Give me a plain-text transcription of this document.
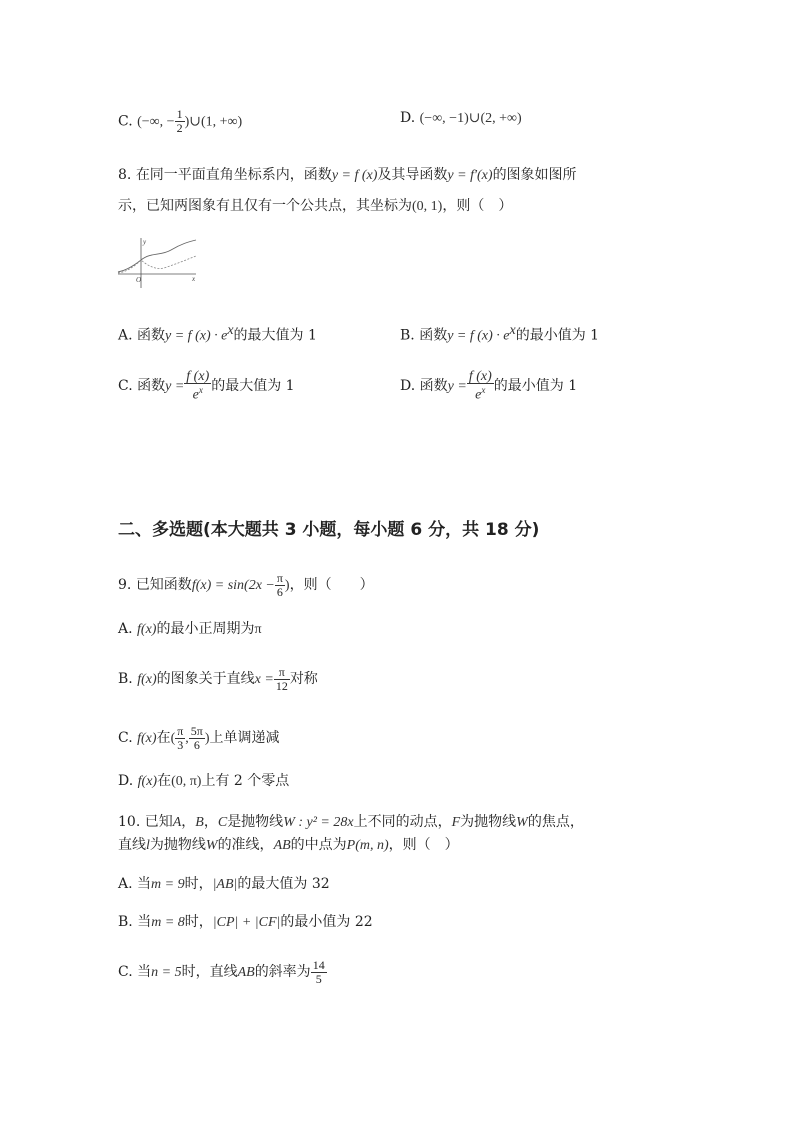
C. (−∞, − $\frac{1}{2}$ )∪(1, +∞)	D. (−∞, −1)∪(2, +∞)
8. 在同一平面直角坐标系内，函数y = f (x)及其导函数y = f′(x)的图象如图所
示，已知两图象有且仅有一个公共点，其坐标为(0, 1)，则（　）
y
x
O
A. 函数y = f $(x) \cdot e^x$的最大值为 1	B. 函数y = f $(x) \cdot e^x$的最小值为 1
C. 函数$y = \frac{f (x)}{e^x}$ 的最大值为 1	D. 函数$y = \frac{f (x)}{e^x}$ 的最小值为 1
二、多选题(本大题共 3 小题，每小题 6 分，共 18 分)
9. 已知函数$f(x) = \sin(2x - \frac{\pi}{6}$ )，则（　　）
A. f(x)的最小正周期为π
B. f(x)的图象关于直线$x = \frac{\pi}{12}$ 对称
C. f(x)在( $\frac{\pi}{3}$ , $\frac{5\pi}{6}$ )上单调递减
D. f(x)在(0, π)上有 2 个零点
10. 已知A，B，C是抛物线W : y² = 28x上不同的动点，F为抛物线W的焦点，
直线l为抛物线W的准线，AB的中点为P(m, n)，则（　）
A. 当m = 9时，|AB|的最大值为 32
B. 当m = 8时，|CP| + |CF|的最小值为 22
C. 当n = 5时，直线AB的斜率为 $\frac{14}{5}$
